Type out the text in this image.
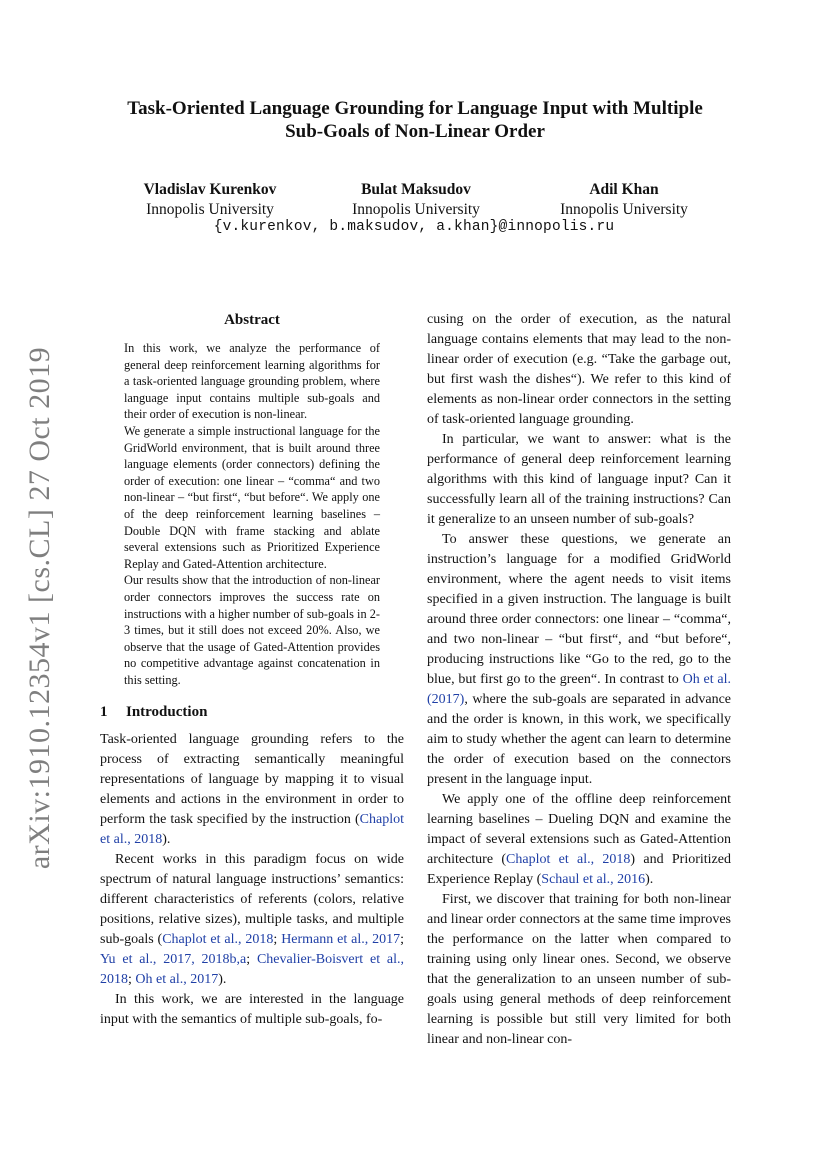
arXiv:1910.12354v1 [cs.CL] 27 Oct 2019
Task-Oriented Language Grounding for Language Input with Multiple
Sub-Goals of Non-Linear Order
Vladislav Kurenkov
Innopolis University
Bulat Maksudov
Innopolis University
Adil Khan
Innopolis University
{v.kurenkov, b.maksudov, a.khan}@innopolis.ru
Abstract

In this work, we analyze the performance of general deep reinforcement learning algorithms for a task-oriented language grounding problem, where language input contains multiple sub-goals and their order of execution is non-linear.

We generate a simple instructional language for the GridWorld environment, that is built around three language elements (order connectors) defining the order of execution: one linear – “comma“ and two non-linear – “but first“, “but before“. We apply one of the deep reinforcement learning baselines – Double DQN with frame stacking and ablate several extensions such as Prioritized Experience Replay and Gated-Attention architecture.

Our results show that the introduction of non-linear order connectors improves the success rate on instructions with a higher number of sub-goals in 2-3 times, but it still does not exceed 20%. Also, we observe that the usage of Gated-Attention provides no competitive advantage against concatenation in this setting.

1 Introduction

Task-oriented language grounding refers to the process of extracting semantically meaningful representations of language by mapping it to visual elements and actions in the environment in order to perform the task specified by the instruction (Chaplot et al., 2018).

Recent works in this paradigm focus on wide spectrum of natural language instructions’ semantics: different characteristics of referents (colors, relative positions, relative sizes), multiple tasks, and multiple sub-goals (Chaplot et al., 2018; Hermann et al., 2017; Yu et al., 2017, 2018b,a; Chevalier-Boisvert et al., 2018; Oh et al., 2017).

In this work, we are interested in the language input with the semantics of multiple sub-goals, fo-

cusing on the order of execution, as the natural language contains elements that may lead to the non-linear order of execution (e.g. “Take the garbage out, but first wash the dishes“). We refer to this kind of elements as non-linear order connectors in the setting of task-oriented language grounding.

In particular, we want to answer: what is the performance of general deep reinforcement learning algorithms with this kind of language input? Can it successfully learn all of the training instructions? Can it generalize to an unseen number of sub-goals?

To answer these questions, we generate an instruction’s language for a modified GridWorld environment, where the agent needs to visit items specified in a given instruction. The language is built around three order connectors: one linear – “comma“, and two non-linear – “but first“, and “but before“, producing instructions like “Go to the red, go to the blue, but first go to the green“. In contrast to Oh et al. (2017), where the sub-goals are separated in advance and the order is known, in this work, we specifically aim to study whether the agent can learn to determine the order of execution based on the connectors present in the language input.

We apply one of the offline deep reinforcement learning baselines – Dueling DQN and examine the impact of several extensions such as Gated-Attention architecture (Chaplot et al., 2018) and Prioritized Experience Replay (Schaul et al., 2016).

First, we discover that training for both non-linear and linear order connectors at the same time improves the performance on the latter when compared to training using only linear ones. Second, we observe that the generalization to an unseen number of sub-goals using general methods of deep reinforcement learning is possible but still very limited for both linear and non-linear con-
